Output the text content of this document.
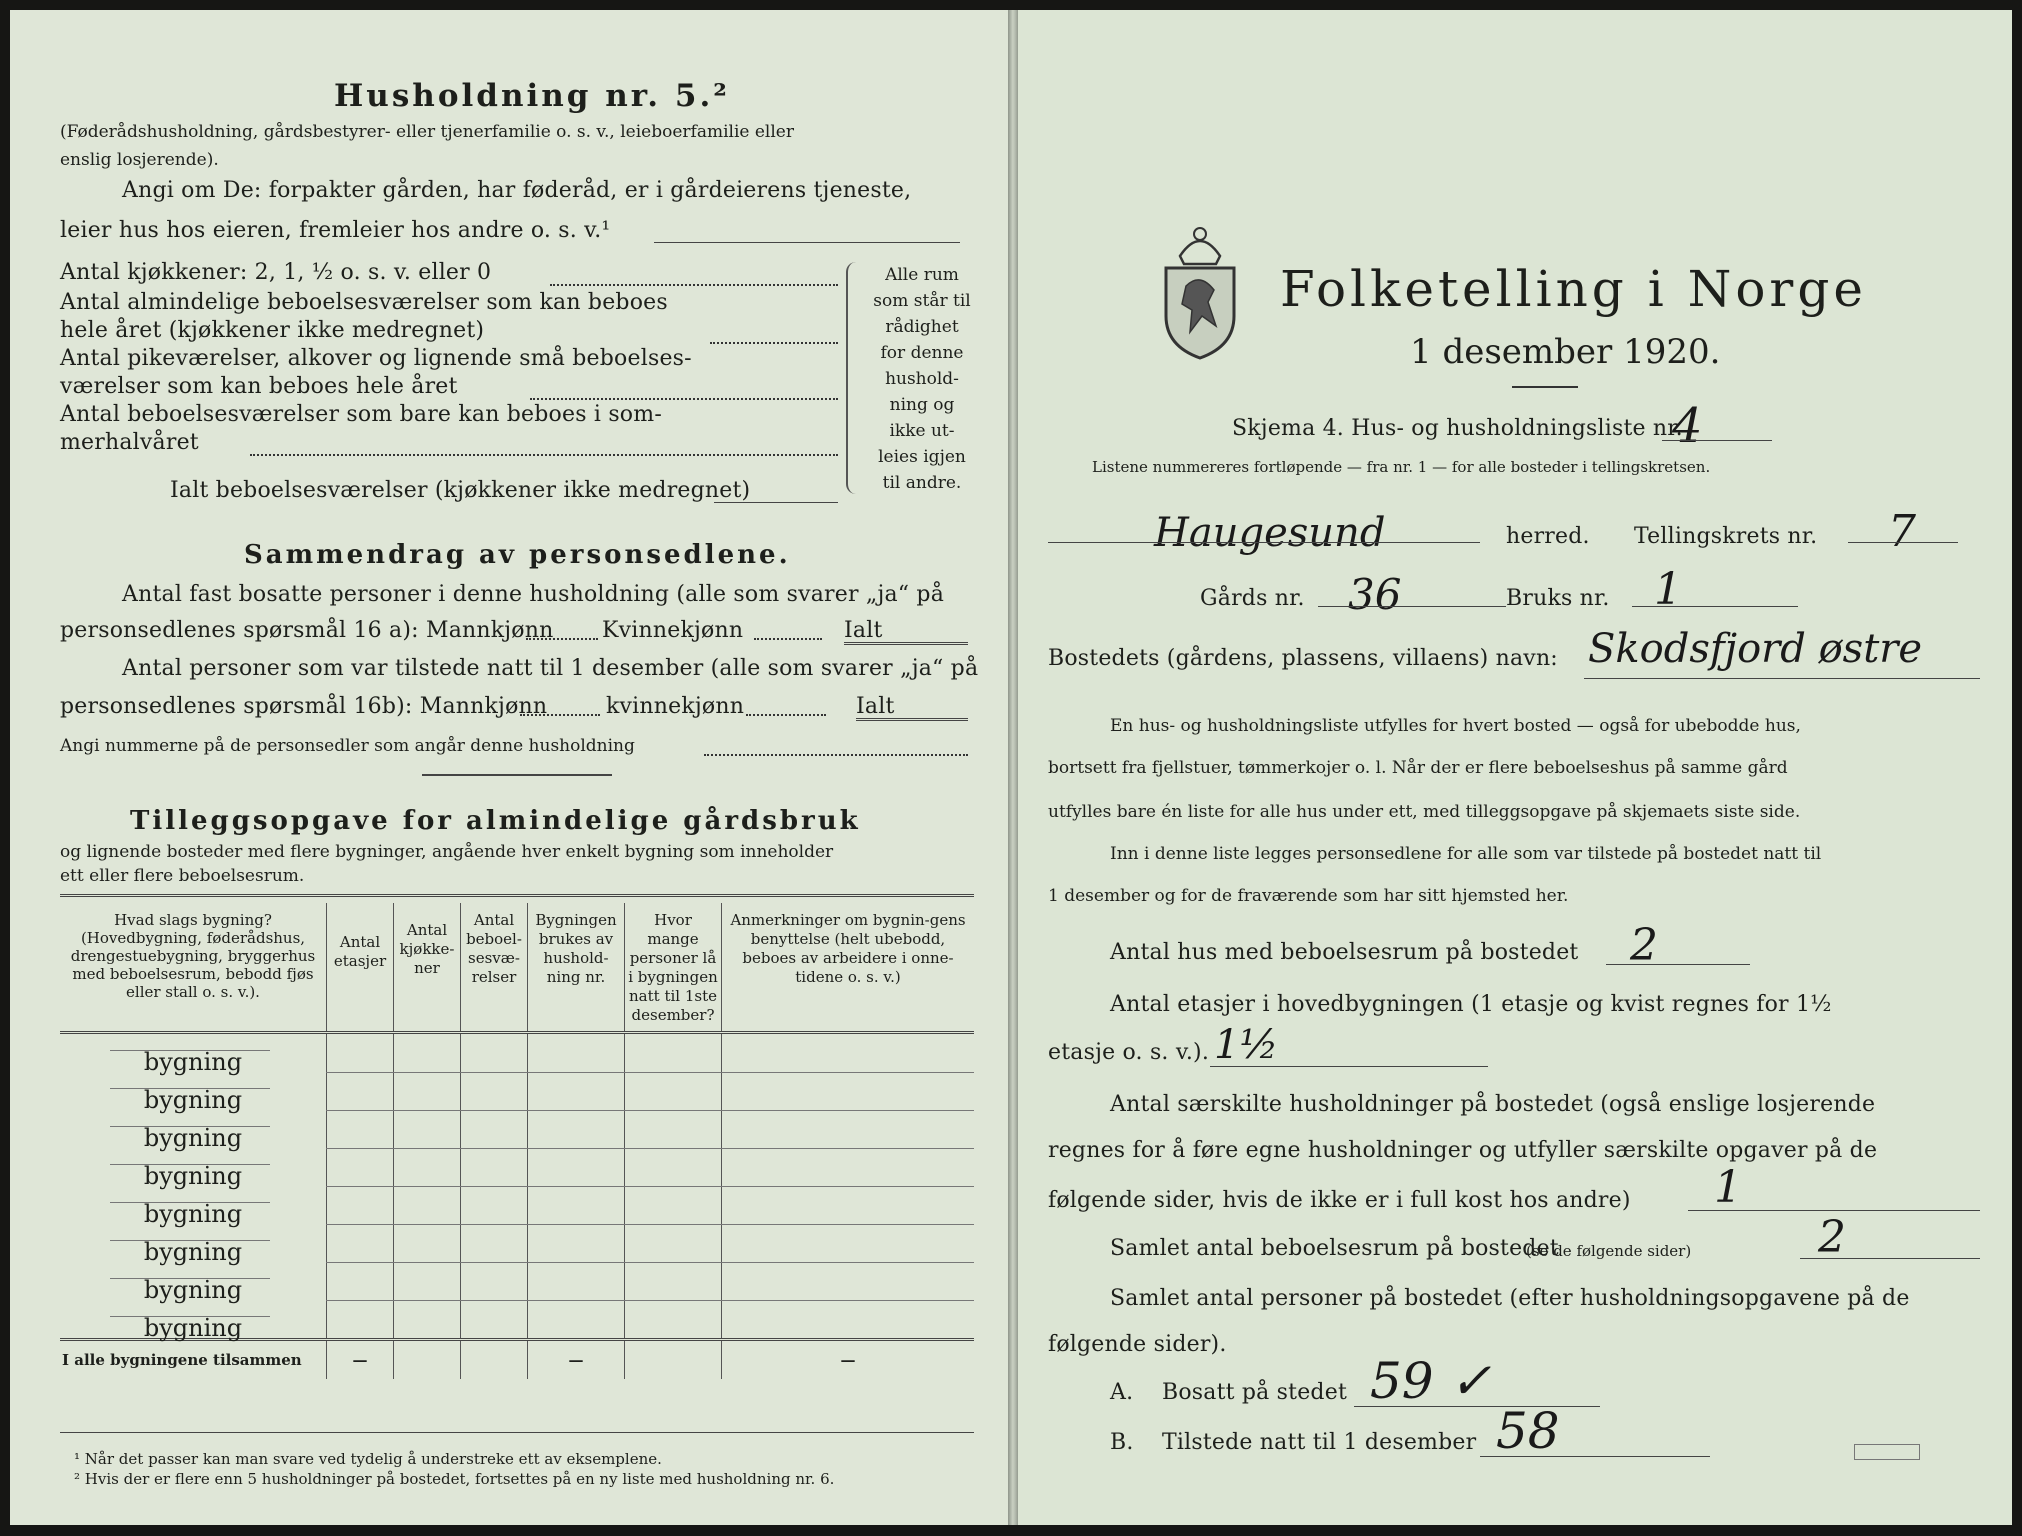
Husholdning nr. 5.²
(Føderådshusholdning, gårdsbestyrer- eller tjenerfamilie o. s. v., leieboerfamilie eller
enslig losjerende).
Angi om De: forpakter gården, har føderåd, er i gårdeierens tjeneste,
leier hus hos eieren, fremleier hos andre o. s. v.¹
Antal kjøkkener: 2, 1, ½ o. s. v. eller 0
Antal almindelige beboelsesværelser som kan beboes
hele året (kjøkkener ikke medregnet)
Antal pikeværelser, alkover og lignende små beboelses-
værelser som kan beboes hele året
Antal beboelsesværelser som bare kan beboes i som-
merhalvåret
Ialt beboelsesværelser (kjøkkener ikke medregnet)
Alle rum
som står til
rådighet
for denne
hushold-
ning og
ikke ut-
leies igjen
til andre.
Sammendrag av personsedlene.
Antal fast bosatte personer i denne husholdning (alle som svarer „ja“ på
personsedlenes spørsmål 16 a): Mannkjønn Kvinnekjønn	Ialt
Antal personer som var tilstede natt til 1 desember (alle som svarer „ja“ på
personsedlenes spørsmål 16b): Mannkjønn	kvinnekjønn	Ialt
Angi nummerne på de personsedler som angår denne husholdning
Tilleggsopgave for almindelige gårdsbruk
og lignende bosteder med flere bygninger, angående hver enkelt bygning som inneholder
ett eller flere beboelsesrum.
Hvad slags bygning?
(Hovedbygning, føderådshus, drengestuebygning, bryggerhus med beboelsesrum, bebodd fjøs eller stall o. s. v.).	Antal etasjer	Antal kjøkke-ner	Antal beboel-sesvæ-relser	Bygningen brukes av hushold-ning nr.	Hvor mange personer lå i bygningen natt til 1ste desember?	Anmerkninger om bygnin-gens benyttelse (helt ubebodd, beboes av arbeidere i onne-tidene o. s. v.)

bygning						
bygning						
bygning						
bygning						
bygning						
bygning						
bygning						
bygning						
I alle bygningene tilsammen	—			—		—
¹ Når det passer kan man svare ved tydelig å understreke ett av eksemplene.
² Hvis der er flere enn 5 husholdninger på bostedet, fortsettes på en ny liste med husholdning nr. 6.
Folketelling i Norge
1 desember 1920.
Skjema 4. Hus- og husholdningsliste nr.
4
Listene nummereres fortløpende — fra nr. 1 — for alle bosteder i tellingskretsen.
Haugesund	herred. Tellingskrets nr. 7
Gårds nr. 36	Bruks nr. 1
Bostedets (gårdens, plassens, villaens) navn: Skodsfjord østre
En hus- og husholdningsliste utfylles for hvert bosted — også for ubebodde hus,
bortsett fra fjellstuer, tømmerkojer o. l. Når der er flere beboelseshus på samme gård
utfylles bare én liste for alle hus under ett, med tilleggsopgave på skjemaets siste side.
Inn i denne liste legges personsedlene for alle som var tilstede på bostedet natt til
1 desember og for de fraværende som har sitt hjemsted her.
Antal hus med beboelsesrum på bostedet 2
Antal etasjer i hovedbygningen (1 etasje og kvist regnes for 1½
etasje o. s. v.). 1½
Antal særskilte husholdninger på bostedet (også enslige losjerende
regnes for å føre egne husholdninger og utfyller særskilte opgaver på de
følgende sider, hvis de ikke er i full kost hos andre) 1
Samlet antal beboelsesrum på bostedet
(se de følgende sider)	2
Samlet antal personer på bostedet (efter husholdningsopgavene på de
følgende sider).
A. Bosatt på stedet 59 ✓
B. Tilstede natt til 1 desember 58
